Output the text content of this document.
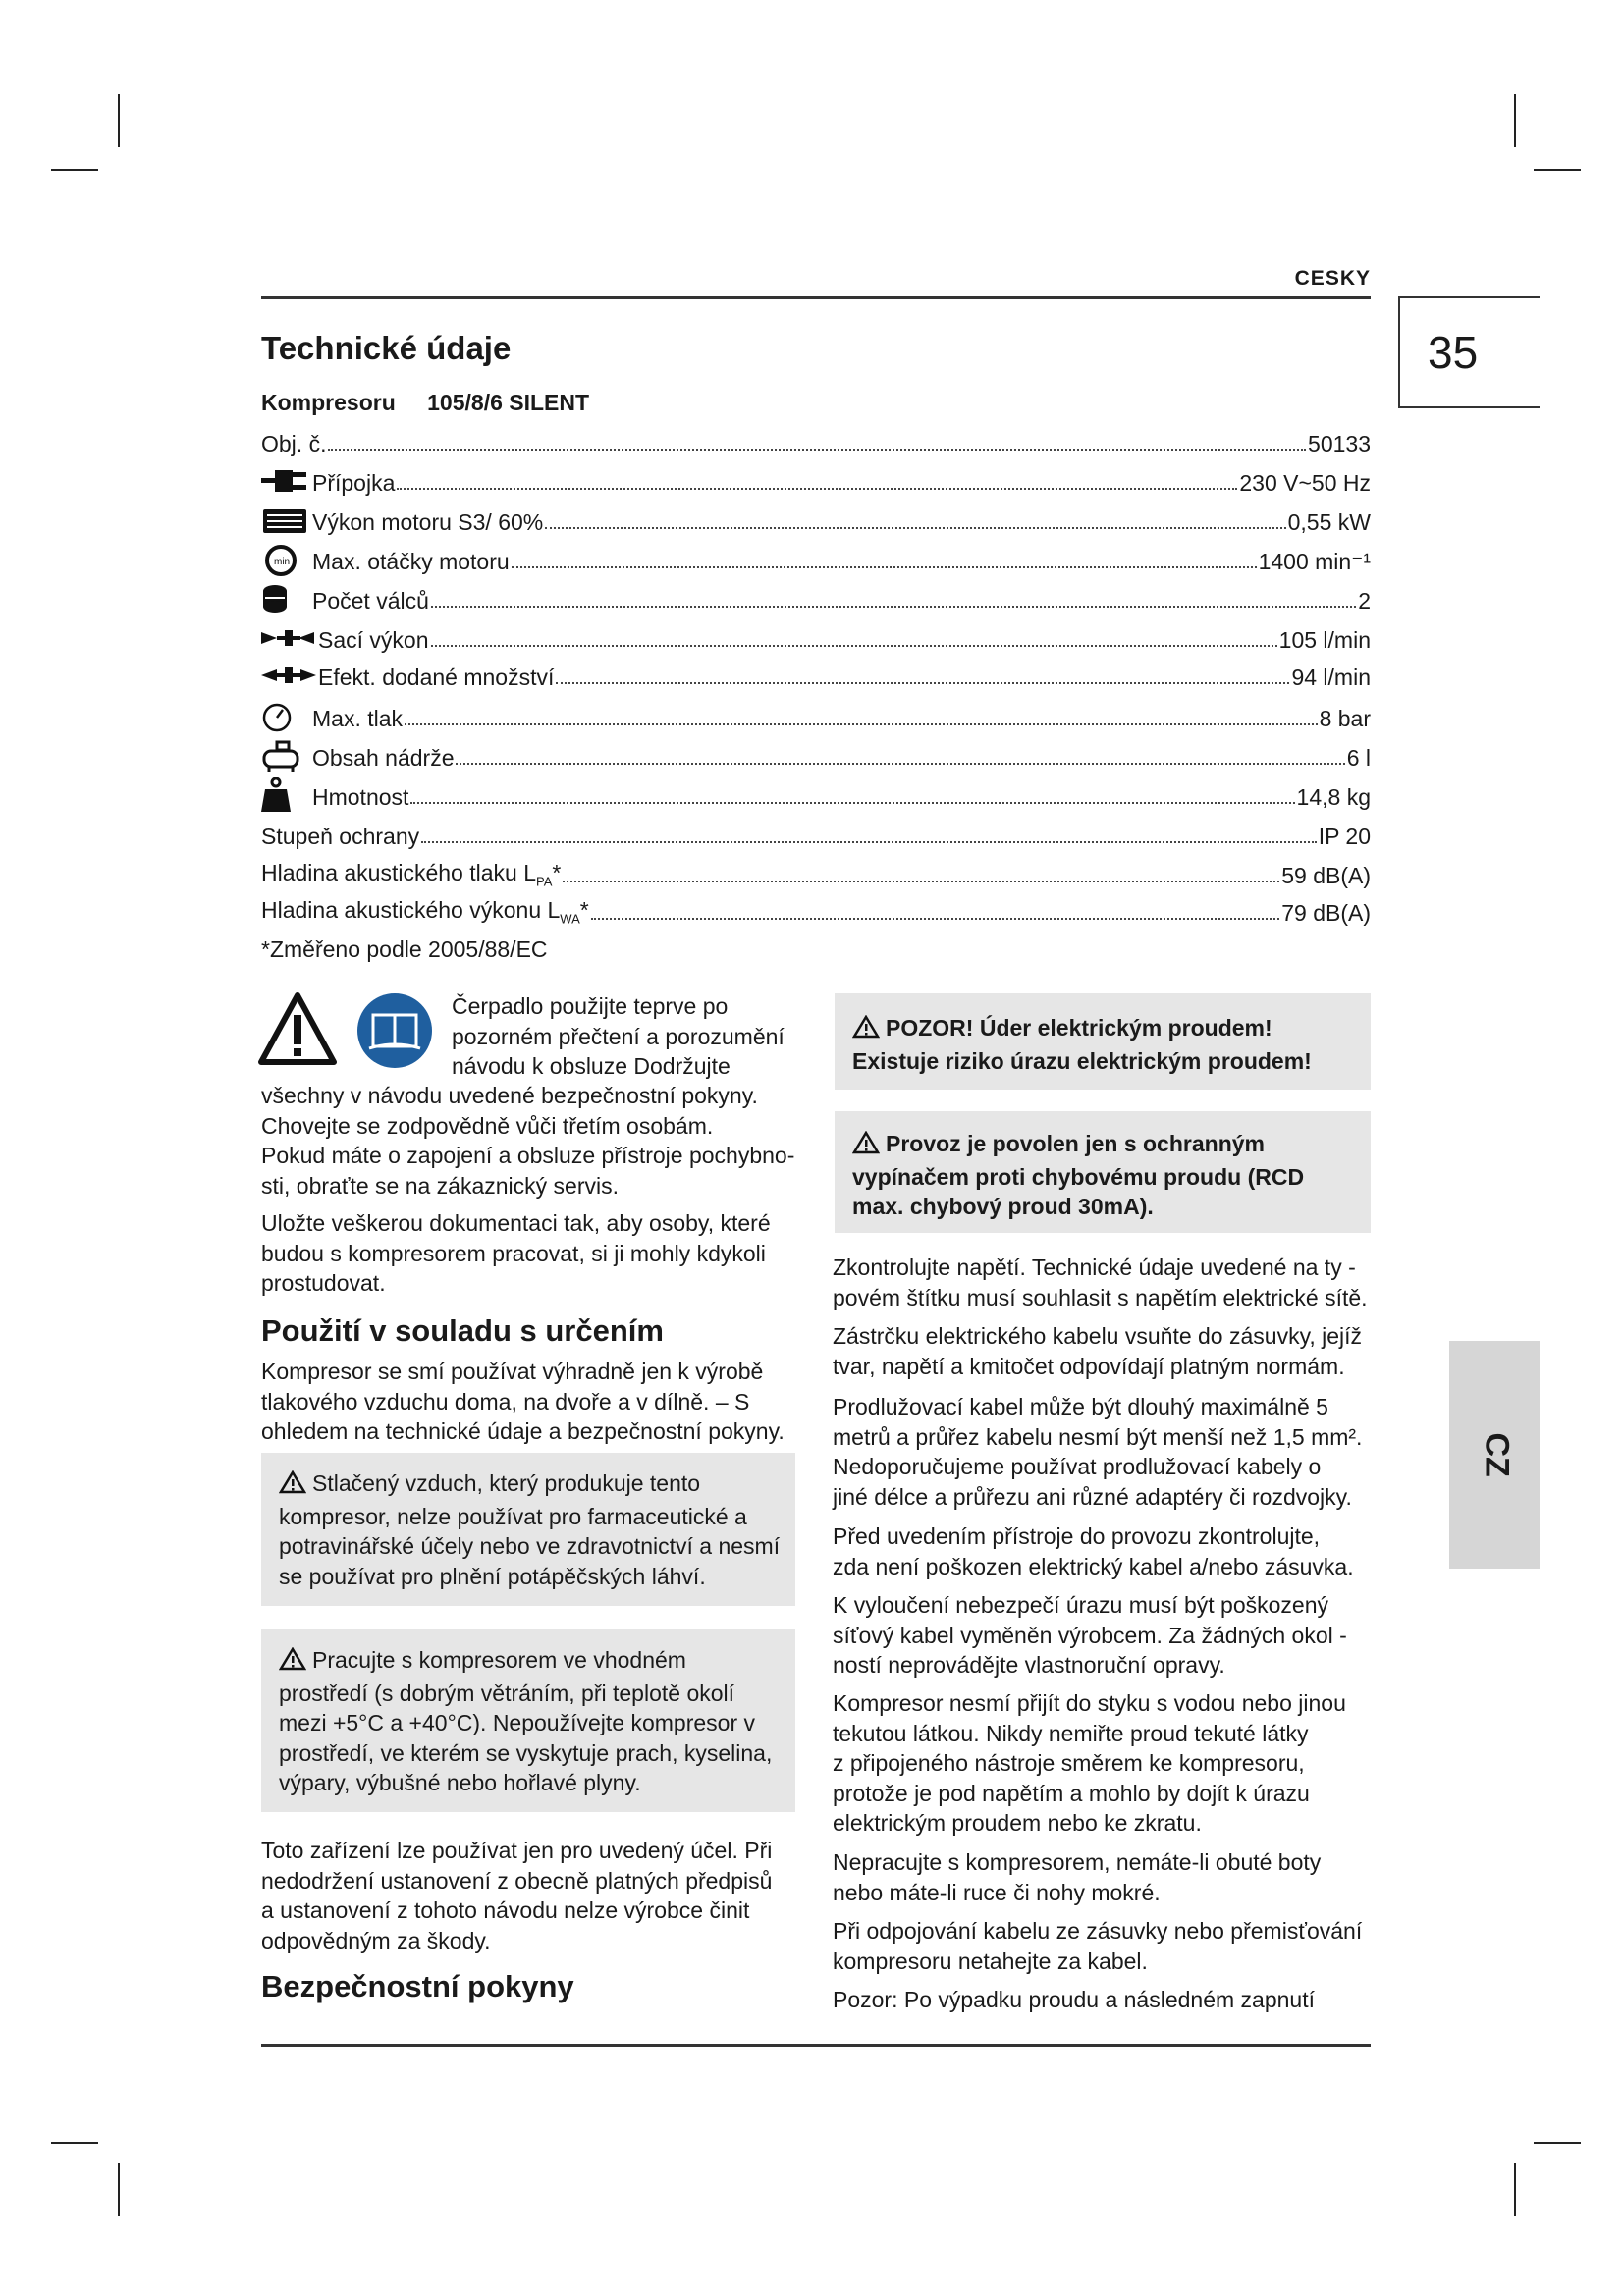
CESKY
35
CZ
Technické údaje
Kompresoru 105/8/6 SILENT
Obj. č.	50133
Přípojka	230 V~50 Hz
Výkon motoru S3/ 60%	0,55 kW
min Max. otáčky motoru	1400 min⁻¹
Počet válců	2
Sací výkon	105 l/min
Efekt. dodané množství	94 l/min
Max. tlak	8 bar
Obsah nádrže	6 l
Hmotnost	14,8 kg
Stupeň ochrany	IP 20
Hladina akustického tlaku $L_{PA}*$	59 dB(A)
Hladina akustického výkonu $L_{WA}*$	79 dB(A)
*Změřeno podle 2005/88/EC

Čerpadlo použijte teprve po

pozorném přečtení a porozumění

návodu k obsluze Dodržujte

všechny v návodu uvedené bezpečnostní pokyny.

Chovejte se zodpovědně vůči třetím osobám.

Pokud máte o zapojení a obsluze přístroje pochybno-

sti, obraťte se na zákaznický servis.

Uložte veškerou dokumentaci tak, aby osoby, které

budou s kompresorem pracovat, si ji mohly kdykoli

prostudovat.

Použití v souladu s určením

Kompresor se smí používat výhradně jen k výrobě

tlakového vzduchu doma, na dvoře a v dílně. – S

ohledem na technické údaje a bezpečnostní pokyny.

Stlačený vzduch, který produkuje tento

kompresor, nelze používat pro farmaceutické a

potravinářské účely nebo ve zdravotnictví a nesmí

se používat pro plnění potápěčských láhví.

Pracujte s kompresorem ve vhodném

prostředí (s dobrým větráním, při teplotě okolí

mezi +5°C a +40°C). Nepoužívejte kompresor v

prostředí, ve kterém se vyskytuje prach, kyselina,

výpary, výbušné nebo hořlavé plyny.

Toto zařízení lze používat jen pro uvedený účel. Při

nedodržení ustanovení z obecně platných předpisů

a ustanovení z tohoto návodu nelze výrobce činit

odpovědným za škody.

Bezpečnostní pokyny

POZOR! Úder elektrickým proudem!

Existuje riziko úrazu elektrickým proudem!

Provoz je povolen jen s ochranným

vypínačem proti chybovému proudu (RCD

max. chybový proud 30mA).

Zkontrolujte napětí. Technické údaje uvedené na ty -

povém štítku musí souhlasit s napětím elektrické sítě.

Zástrčku elektrického kabelu vsuňte do zásuvky, jejíž

tvar, napětí a kmitočet odpovídají platným normám.

Prodlužovací kabel může být dlouhý maximálně 5

metrů a průřez kabelu nesmí být menší než 1,5 mm².

Nedoporučujeme používat prodlužovací kabely o

jiné délce a průřezu ani různé adaptéry či rozdvojky.

Před uvedením přístroje do provozu zkontrolujte,

zda není poškozen elektrický kabel a/nebo zásuvka.

K vyloučení nebezpečí úrazu musí být poškozený

síťový kabel vyměněn výrobcem. Za žádných okol -

ností neprovádějte vlastnoruční opravy.

Kompresor nesmí přijít do styku s vodou nebo jinou

tekutou látkou. Nikdy nemiřte proud tekuté látky

z připojeného nástroje směrem ke kompresoru,

protože je pod napětím a mohlo by dojít k úrazu

elektrickým proudem nebo ke zkratu.

Nepracujte s kompresorem, nemáte-li obuté boty

nebo máte-li ruce či nohy mokré.

Při odpojování kabelu ze zásuvky nebo přemisťování

kompresoru netahejte za kabel.

Pozor: Po výpadku proudu a následném zapnutí
